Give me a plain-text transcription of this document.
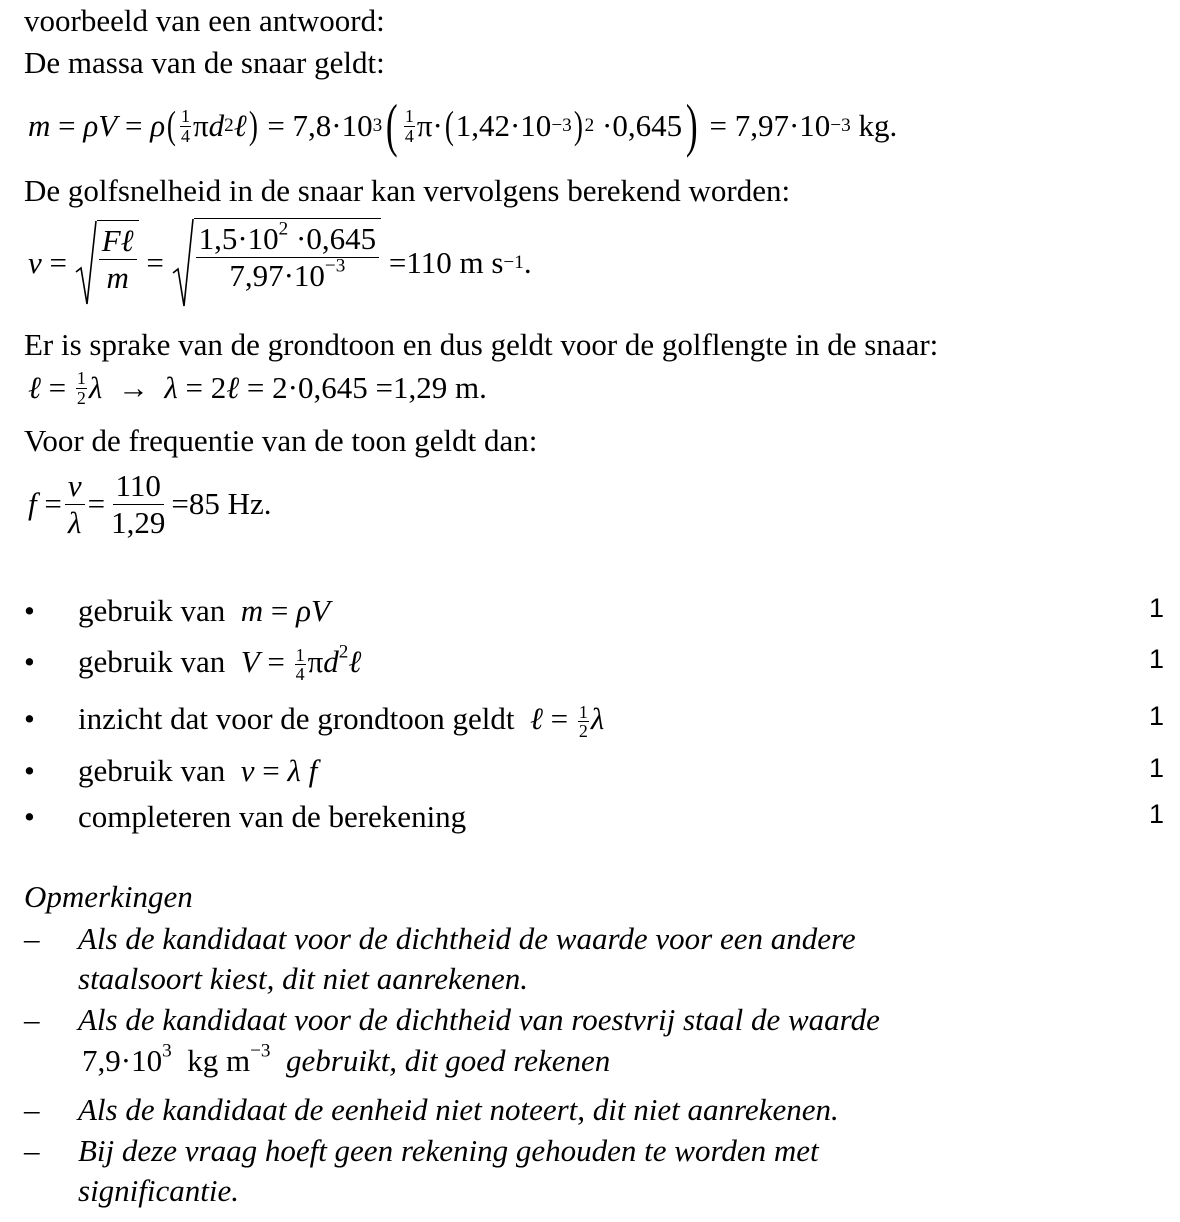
voorbeeld van een antwoord:
De massa van de snaar geldt:
m = ρV = ρ ( 1
4 π d 2 ℓ ) = 7,8 ·10 3 ( 1
4 π· ( 1,42 ·10 −3 ) 2 · 0,645 ) = 7,97 ·10 −3
kg.
De golfsnelheid in de snaar kan vervolgens berekend worden:
$v = \frac{\text{Fℓ}}{m} = \frac{1,5\cdot 10^2 \cdot 0,645}{7,97\cdot 10^{-3}} = 110$
m s −1 .
Er is sprake van de grondtoon en dus geldt voor de golflengte in de snaar:
ℓ = 1
2 λ → λ = 2 ℓ = 2· 0,645 = 1,29
m.
Voor de frequentie van de toon geldt dan:
$f = \frac{v}{\lambda} = \frac{110}{1,29} = 85$
Hz.
• gebruik van m = ρV	1
• gebruik van $V = \frac{1}{4}$ $\pi d^2\ell$	1
• inzicht dat voor de grondtoon geldt ℓ = $\frac{1}{2}$ λ	1
• gebruik van v = λ f	1
• completeren van de berekening	1
Opmerkingen
– Als de kandidaat voor de dichtheid de waarde voor een andere
staalsoort kiest, dit niet aanrekenen.
– Als de kandidaat voor de dichtheid van roestvrij staal de waarde
$7,9\cdot 10^3$ kg $m^{-3}$ gebruikt, dit goed rekenen
– Als de kandidaat de eenheid niet noteert, dit niet aanrekenen.
– Bij deze vraag hoeft geen rekening gehouden te worden met
significantie.
